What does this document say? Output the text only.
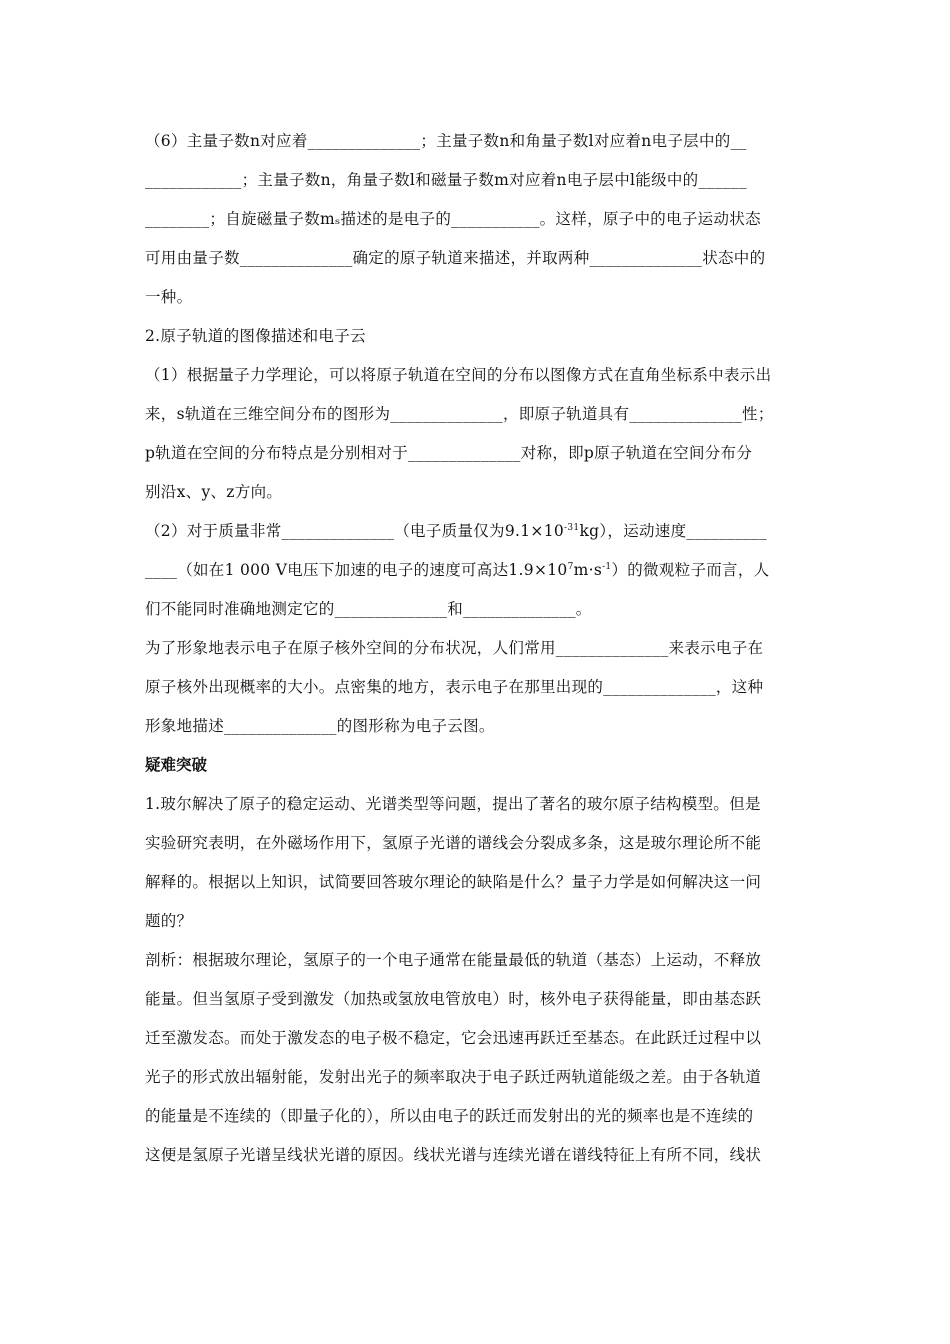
（6）主量子数n对应着______________；主量子数n和角量子数l对应着n电子层中的__
____________；主量子数n，角量子数l和磁量子数m对应着n电子层中l能级中的______
________；自旋磁量子数mₛ描述的是电子的___________。这样，原子中的电子运动状态
可用由量子数______________确定的原子轨道来描述，并取两种______________状态中的
一种。
2.原子轨道的图像描述和电子云
（1）根据量子力学理论，可以将原子轨道在空间的分布以图像方式在直角坐标系中表示出
来，s轨道在三维空间分布的图形为______________，即原子轨道具有______________性；
p轨道在空间的分布特点是分别相对于______________对称，即p原子轨道在空间分布分
别沿x、y、z方向。
（2）对于质量非常______________（电子质量仅为$9.1\times 10^{-31}kg$），运动速度__________
____（如在1 000 V电压下加速的电子的速度可高达$1.9\times 10^7m\cdot s^{-1}$）的微观粒子而言，人
们不能同时准确地测定它的______________和______________。
为了形象地表示电子在原子核外空间的分布状况，人们常用______________来表示电子在
原子核外出现概率的大小。点密集的地方，表示电子在那里出现的______________，这种
形象地描述______________的图形称为电子云图。
疑难突破
1.玻尔解决了原子的稳定运动、光谱类型等问题，提出了著名的玻尔原子结构模型。但是
实验研究表明，在外磁场作用下，氢原子光谱的谱线会分裂成多条，这是玻尔理论所不能
解释的。根据以上知识，试简要回答玻尔理论的缺陷是什么？量子力学是如何解决这一问
题的？
剖析：根据玻尔理论，氢原子的一个电子通常在能量最低的轨道（基态）上运动，不释放
能量。但当氢原子受到激发（加热或氢放电管放电）时，核外电子获得能量，即由基态跃
迁至激发态。而处于激发态的电子极不稳定，它会迅速再跃迁至基态。在此跃迁过程中以
光子的形式放出辐射能，发射出光子的频率取决于电子跃迁两轨道能级之差。由于各轨道
的能量是不连续的（即量子化的），所以由电子的跃迁而发射出的光的频率也是不连续的
这便是氢原子光谱呈线状光谱的原因。线状光谱与连续光谱在谱线特征上有所不同，线状
